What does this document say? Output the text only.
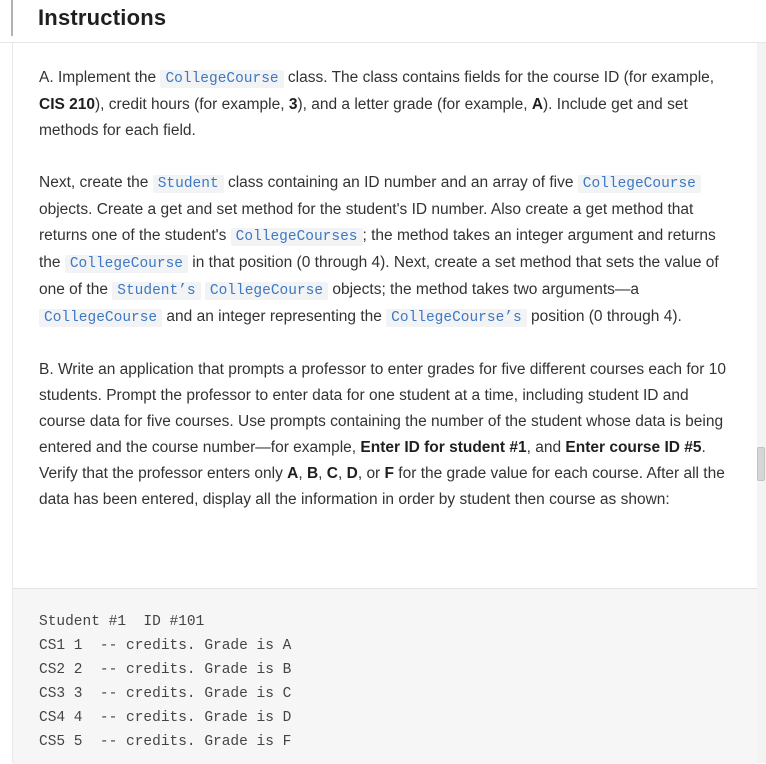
Instructions

A. Implement the CollegeCourse class. The class contains fields for the course ID (for example, CIS 210), credit hours (for example, 3), and a letter grade (for example, A). Include get and set methods for each field.

Next, create the Student class containing an ID number and an array of five CollegeCourse objects. Create a get and set method for the student's ID number. Also create a get method that returns one of the student's CollegeCourses ; the method takes an integer argument and returns the CollegeCourse in that position (0 through 4). Next, create a set method that sets the value of one of the Student’s CollegeCourse objects; the method takes two arguments—a CollegeCourse and an integer representing the CollegeCourse’s position (0 through 4).

B. Write an application that prompts a professor to enter grades for five different courses each for 10 students. Prompt the professor to enter data for one student at a time, including student ID and course data for five courses. Use prompts containing the number of the student whose data is being entered and the course number—for example, Enter ID for student #1, and Enter course ID #5. Verify that the professor enters only A, B, C, D, or F for the grade value for each course. After all the data has been entered, display all the information in order by student then course as shown:

Student #1  ID #101
CS1 1  -- credits. Grade is A
CS2 2  -- credits. Grade is B
CS3 3  -- credits. Grade is C
CS4 4  -- credits. Grade is D
CS5 5  -- credits. Grade is F
